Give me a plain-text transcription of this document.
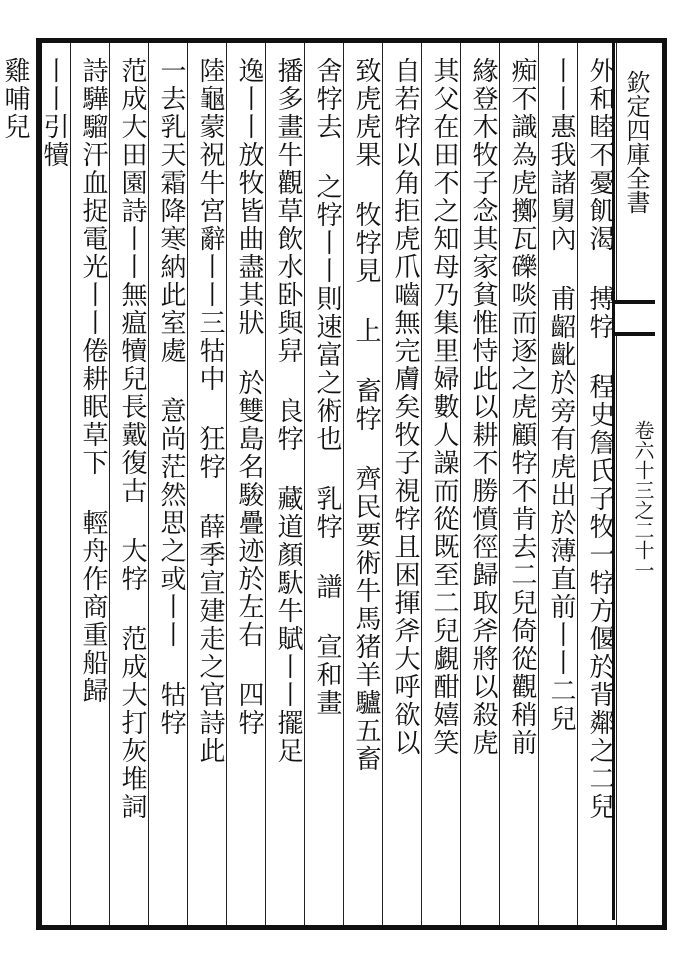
外和睦不憂飢渴 搏牸 程史詹氏子牧一牸方偃於背鄰之二兒
丨丨惠我諸舅內 甫齠齔於旁有虎出於薄直前丨丨二兒
痴不識為虎擲瓦礫啖而逐之虎顧牸不肯去二兒倚從觀稍前
緣登木牧子念其家貧惟恃此以耕不勝憤徑歸取斧將以殺虎
其父在田不之知母乃集里婦數人譟而從既至二兒覷酣嬉笑
自若牸以角拒虎爪嚙無完膚矣牧子視牸且困揮斧大呼欲以
致虎虎果 牧牸見 上 畜牸 齊民要術牛馬猪羊驢五畜
舍牸去 之牸丨丨則速富之術也 乳牸 譜 宣和畫
播多畫牛觀草飲水卧與舁 良牸 藏道顏馱牛賦丨丨擺足
逸丨丨放牧皆曲盡其狀 於雙島名駿疊迹於左右 四牸
陸龜蒙祝牛宮辭丨丨三牯中 狂牸 薛季宣建走之官詩此
一去乳天霜降寒納此室處 意尚茫然思之或丨丨 牯牸
范成大田園詩丨丨無瘟犢兒長戴復古 大牸 范成大打灰堆詞
詩驊騮汗血捉電光丨丨倦耕眠草下 輕舟作商重船歸
丨丨引犢
雞哺兒	欽定四庫全書
卷六十三之二十一
